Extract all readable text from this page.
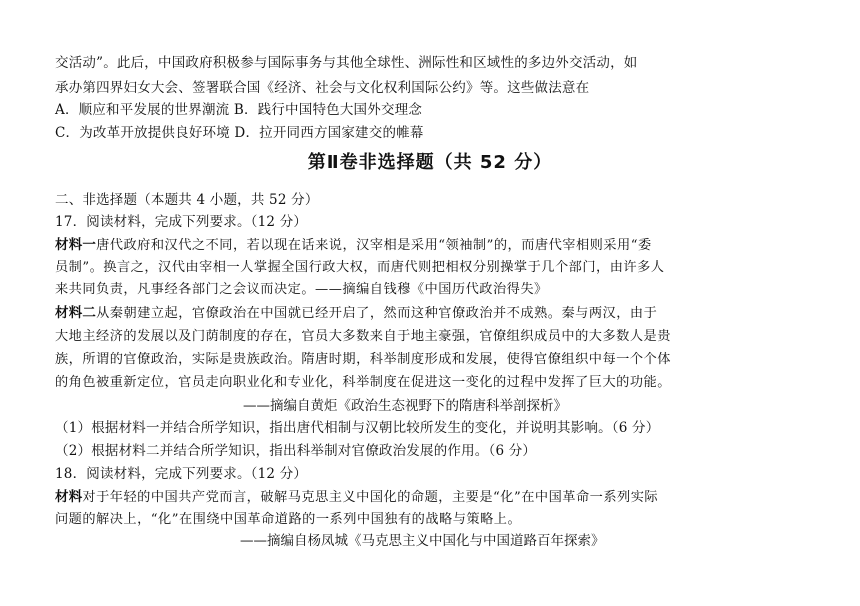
交活动”。此后，中国政府积极参与国际事务与其他全球性、洲际性和区域性的多边外交活动，如
承办第四界妇女大会、签署联合国《经济、社会与文化权利国际公约》等。这些做法意在
A．顺应和平发展的世界潮流 B．践行中国特色大国外交理念
C．为改革开放提供良好环境 D．拉开同西方国家建交的帷幕
第Ⅱ卷非选择题（共 52 分）
二、非选择题（本题共 4 小题，共 52 分）
17．阅读材料，完成下列要求。（12 分）
材料一唐代政府和汉代之不同，若以现在话来说，汉宰相是采用“领袖制”的，而唐代宰相则采用“委
员制”。换言之，汉代由宰相一人掌握全国行政大权，而唐代则把相权分别操掌于几个部门，由许多人
来共同负责，凡事经各部门之会议而决定。——摘编自钱穆《中国历代政治得失》
材料二从秦朝建立起，官僚政治在中国就已经开启了，然而这种官僚政治并不成熟。秦与两汉，由于
大地主经济的发展以及门荫制度的存在，官员大多数来自于地主豪强，官僚组织成员中的大多数人是贵
族，所谓的官僚政治，实际是贵族政治。隋唐时期，科举制度形成和发展，使得官僚组织中每一个个体
的角色被重新定位，官员走向职业化和专业化，科举制度在促进这一变化的过程中发挥了巨大的功能。
——摘编自黄炬《政治生态视野下的隋唐科举剖探析》
（1）根据材料一并结合所学知识，指出唐代相制与汉朝比较所发生的变化，并说明其影响。（6 分）
（2）根据材料二并结合所学知识，指出科举制对官僚政治发展的作用。（6 分）
18．阅读材料，完成下列要求。（12 分）
材料对于年轻的中国共产党而言，破解马克思主义中国化的命题，主要是“化”在中国革命一系列实际
问题的解决上，“化”在围绕中国革命道路的一系列中国独有的战略与策略上。
——摘编自杨凤城《马克思主义中国化与中国道路百年探索》
